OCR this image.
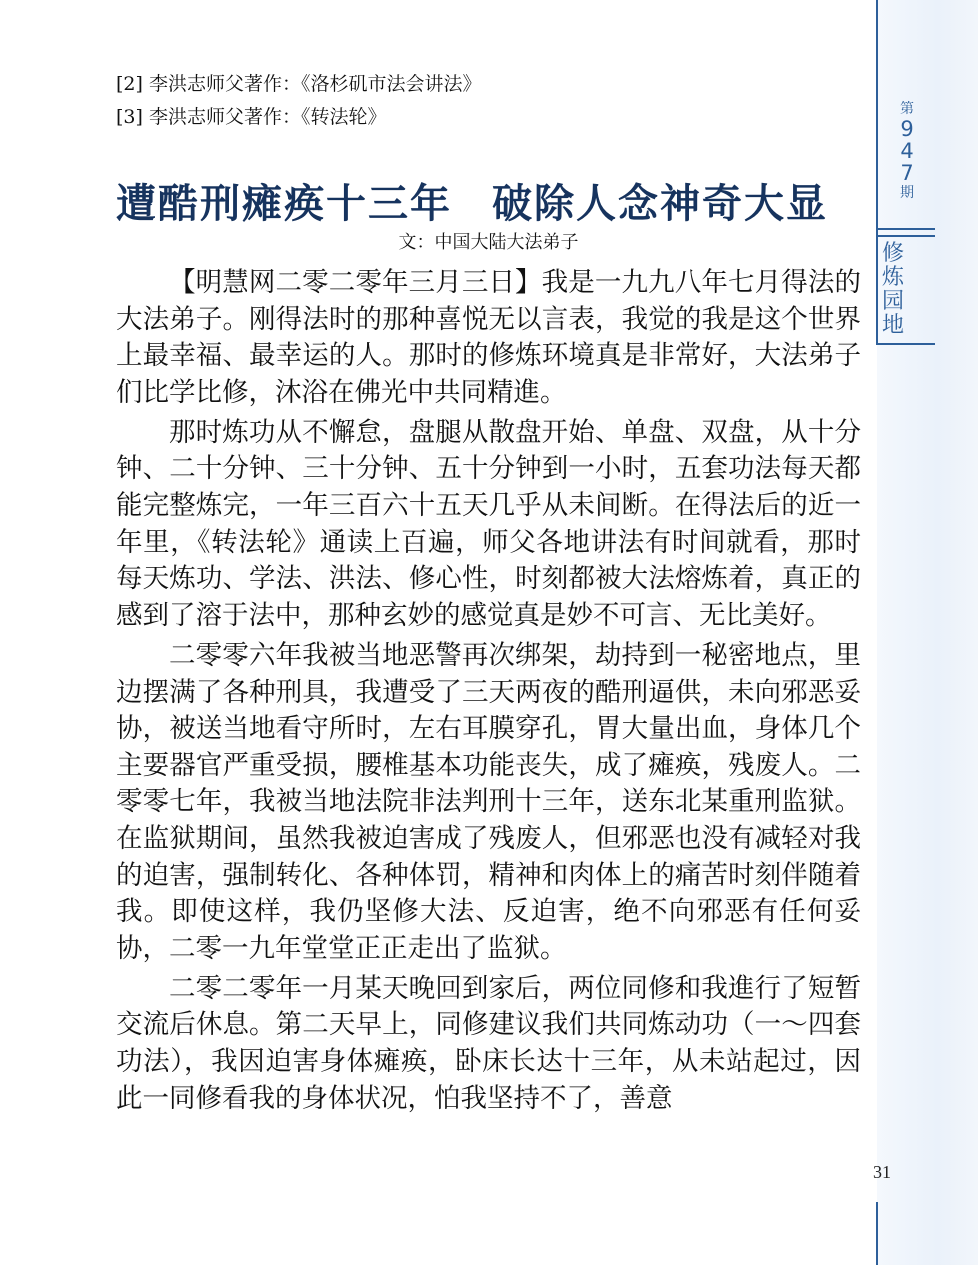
第
9
4
7
期
修
炼
园
地
31
[2] 李洪志师父著作：《洛杉矶市法会讲法》
[3] 李洪志师父著作：《转法轮》
遭酷刑瘫痪十三年 破除人念神奇大显
文：中国大陆大法弟子

【明慧网二零二零年三月三日】我是一九九八年七月得法的大法弟子。刚得法时的那种喜悦无以言表，我觉的我是这个世界上最幸福、最幸运的人。那时的修炼环境真是非常好，大法弟子们比学比修，沐浴在佛光中共同精進。

那时炼功从不懈怠，盘腿从散盘开始、单盘、双盘，从十分钟、二十分钟、三十分钟、五十分钟到一小时，五套功法每天都能完整炼完，一年三百六十五天几乎从未间断。在得法后的近一年里，《转法轮》通读上百遍，师父各地讲法有时间就看，那时每天炼功、学法、洪法、修心性，时刻都被大法熔炼着，真正的感到了溶于法中，那种玄妙的感觉真是妙不可言、无比美好。

二零零六年我被当地恶警再次绑架，劫持到一秘密地点，里边摆满了各种刑具，我遭受了三天两夜的酷刑逼供，未向邪恶妥协，被送当地看守所时，左右耳膜穿孔，胃大量出血，身体几个主要器官严重受损，腰椎基本功能丧失，成了瘫痪，残废人。二零零七年，我被当地法院非法判刑十三年，送东北某重刑监狱。在监狱期间，虽然我被迫害成了残废人，但邪恶也没有减轻对我的迫害，强制转化、各种体罚，精神和肉体上的痛苦时刻伴随着我。即使这样，我仍坚修大法、反迫害，绝不向邪恶有任何妥协，二零一九年堂堂正正走出了监狱。

二零二零年一月某天晚回到家后，两位同修和我進行了短暂交流后休息。第二天早上，同修建议我们共同炼动功（一～四套功法），我因迫害身体瘫痪，卧床长达十三年，从未站起过，因此一同修看我的身体状况，怕我坚持不了，善意
